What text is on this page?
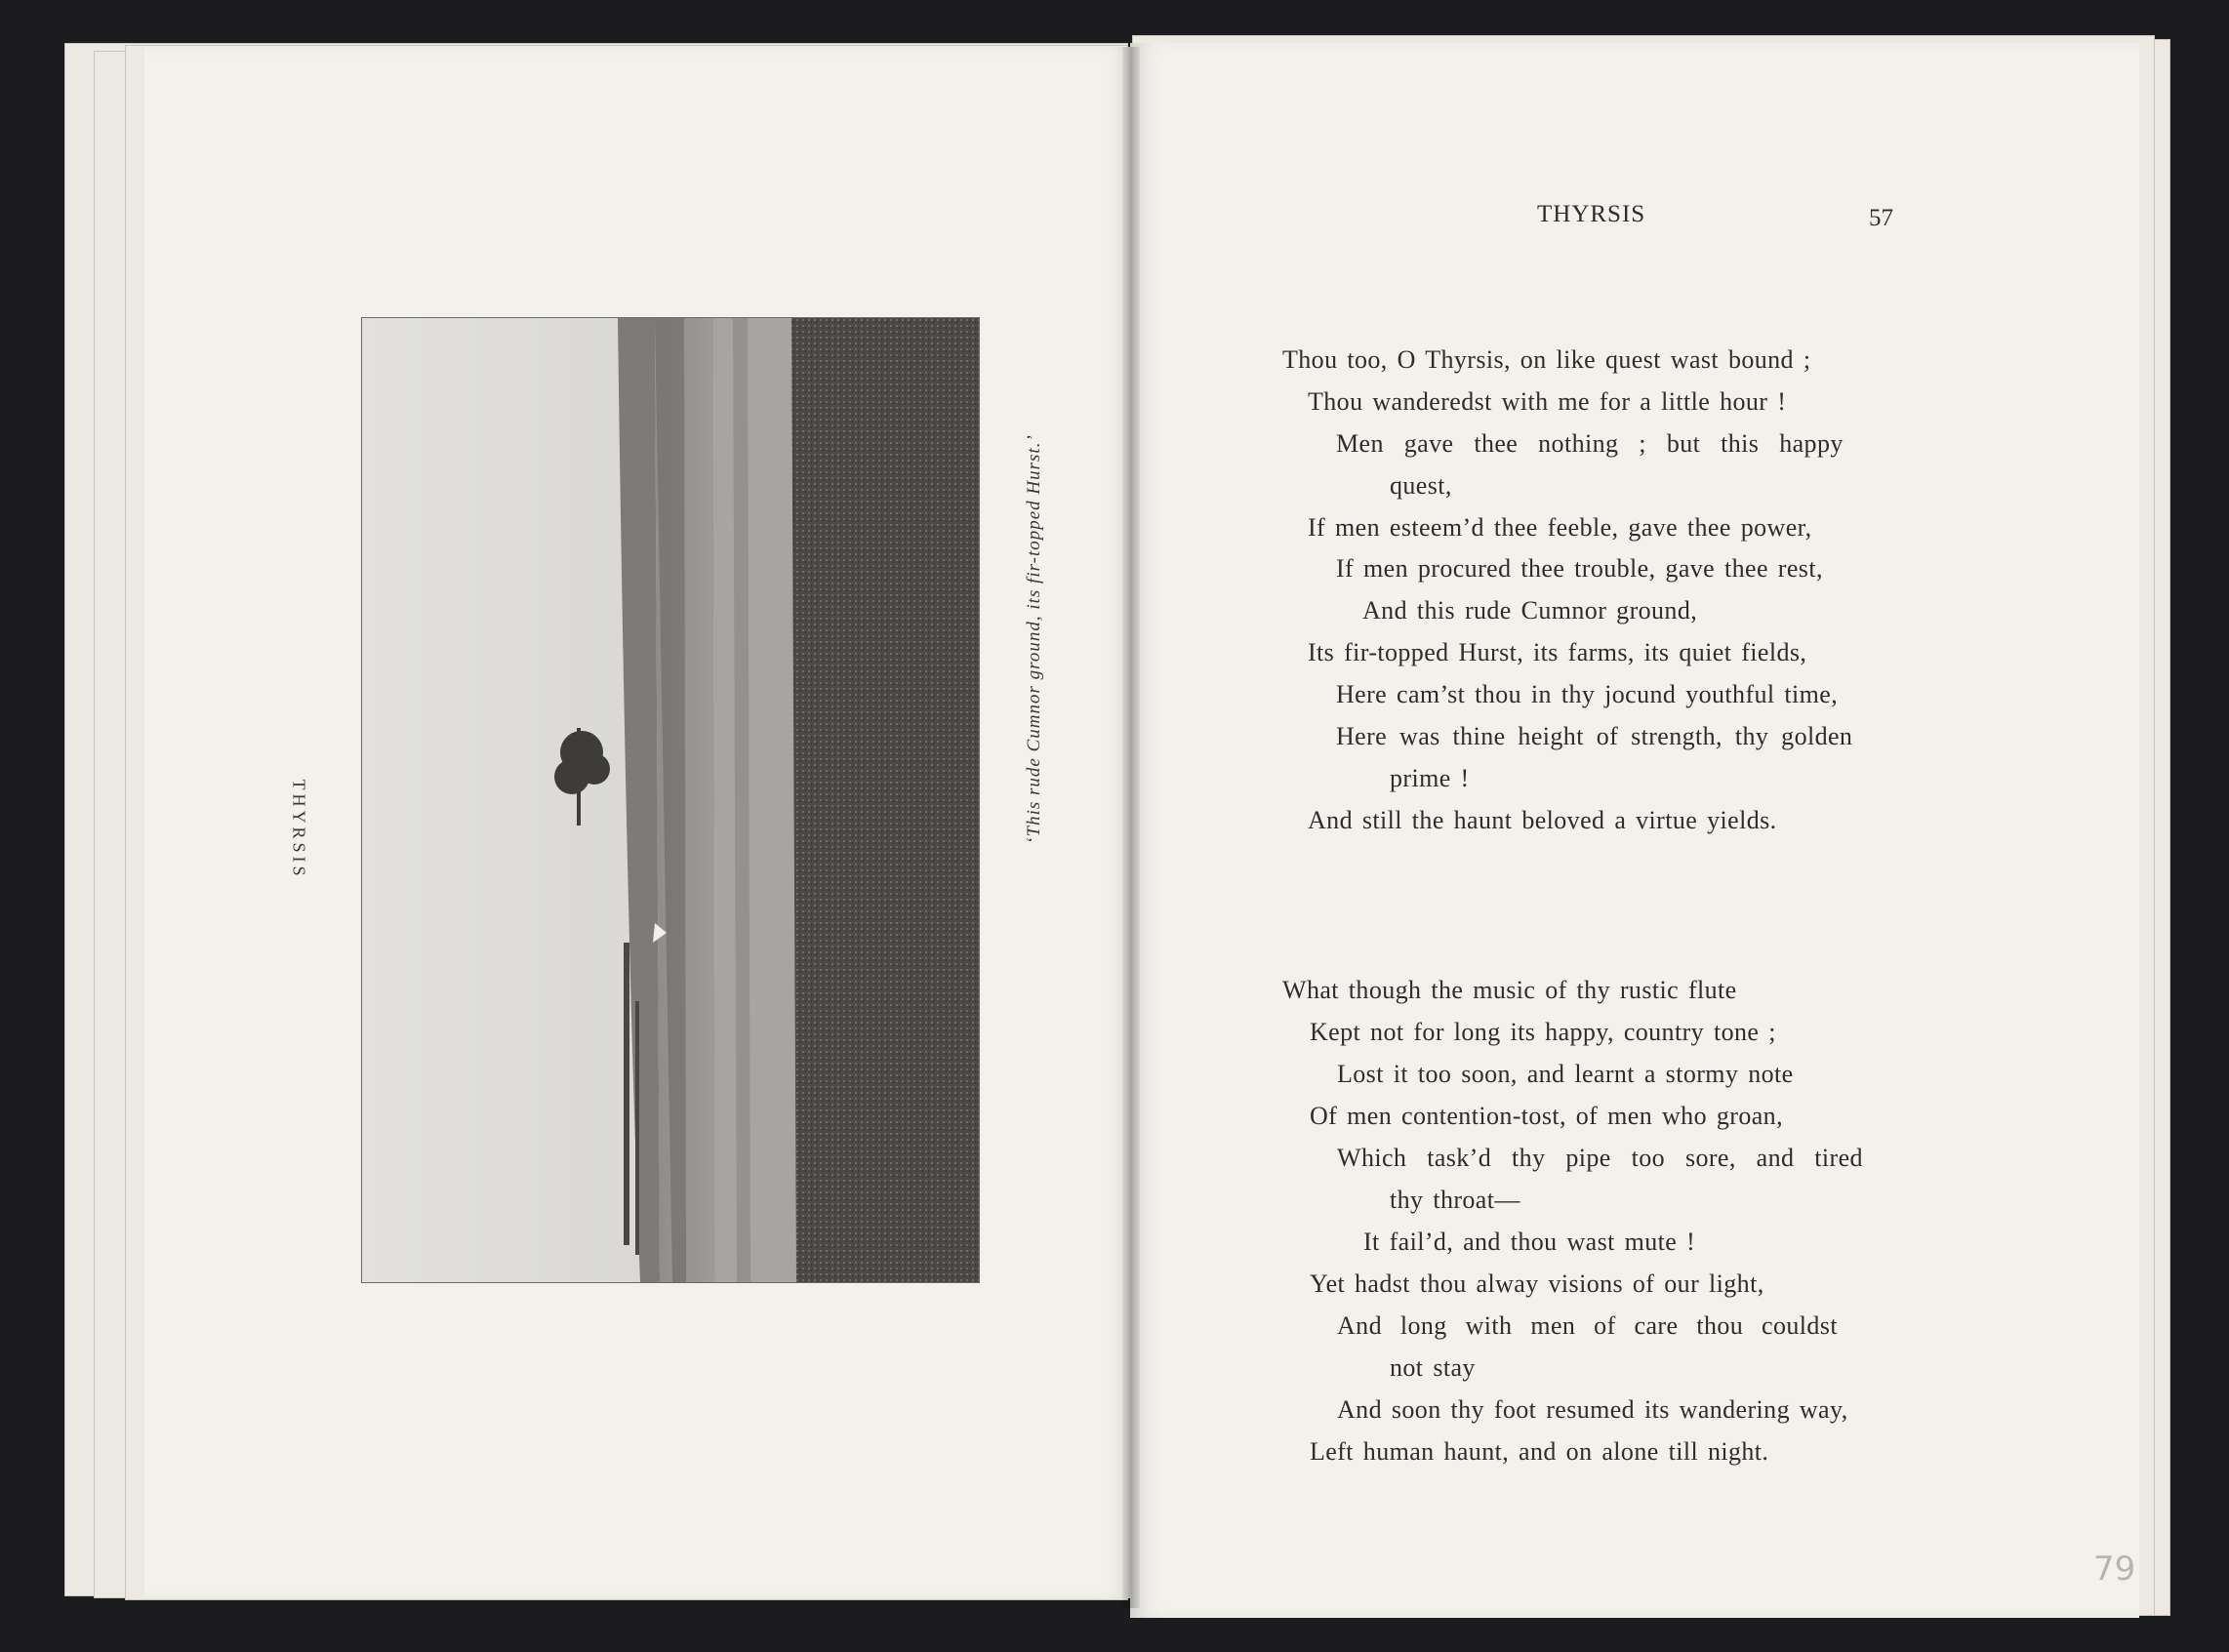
THYRSIS	‘This rude Cumnor ground, its fir-topped Hurst.’
THYRSIS	57
Thou too, O Thyrsis, on like quest wast bound ;
Thou wanderedst with me for a little hour !
Men gave thee nothing ; but this happy
quest,
If men esteem’d thee feeble, gave thee power,
If men procured thee trouble, gave thee rest,
And this rude Cumnor ground,
Its fir-topped Hurst, its farms, its quiet fields,
Here cam’st thou in thy jocund youthful time,
Here was thine height of strength, thy golden
prime !
And still the haunt beloved a virtue yields.
What though the music of thy rustic flute
Kept not for long its happy, country tone ;
Lost it too soon, and learnt a stormy note
Of men contention-tost, of men who groan,
Which task’d thy pipe too sore, and tired
thy throat—
It fail’d, and thou wast mute !
Yet hadst thou alway visions of our light,
And long with men of care thou couldst
not stay
And soon thy foot resumed its wandering way,
Left human haunt, and on alone till night.
79
